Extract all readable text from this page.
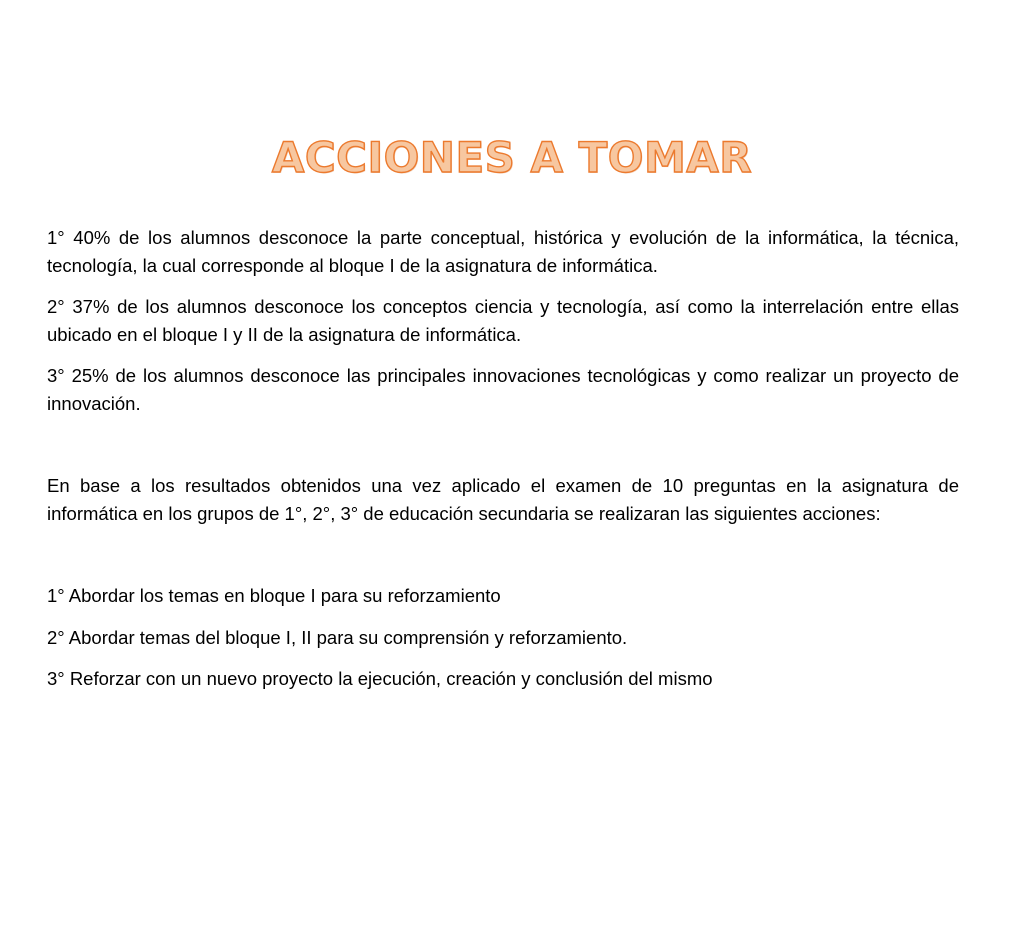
ACCIONES A TOMAR

1° 40% de los alumnos desconoce la parte conceptual, histórica y evolución de la informática, la técnica, tecnología, la cual corresponde al bloque I de la asignatura de informática.

2° 37% de los alumnos desconoce los conceptos ciencia y tecnología, así como la interrelación entre ellas ubicado en el bloque I y II de la asignatura de informática.

3° 25% de los alumnos desconoce las principales innovaciones tecnológicas y como realizar un proyecto de innovación.

En base a los resultados obtenidos una vez aplicado el examen de 10 preguntas en la asignatura de informática en los grupos de 1°, 2°, 3° de educación secundaria se realizaran las siguientes acciones:

1° Abordar los temas en bloque I para su reforzamiento

2° Abordar temas del bloque I, II para su comprensión y reforzamiento.

3° Reforzar con un nuevo proyecto la ejecución, creación y conclusión del mismo
